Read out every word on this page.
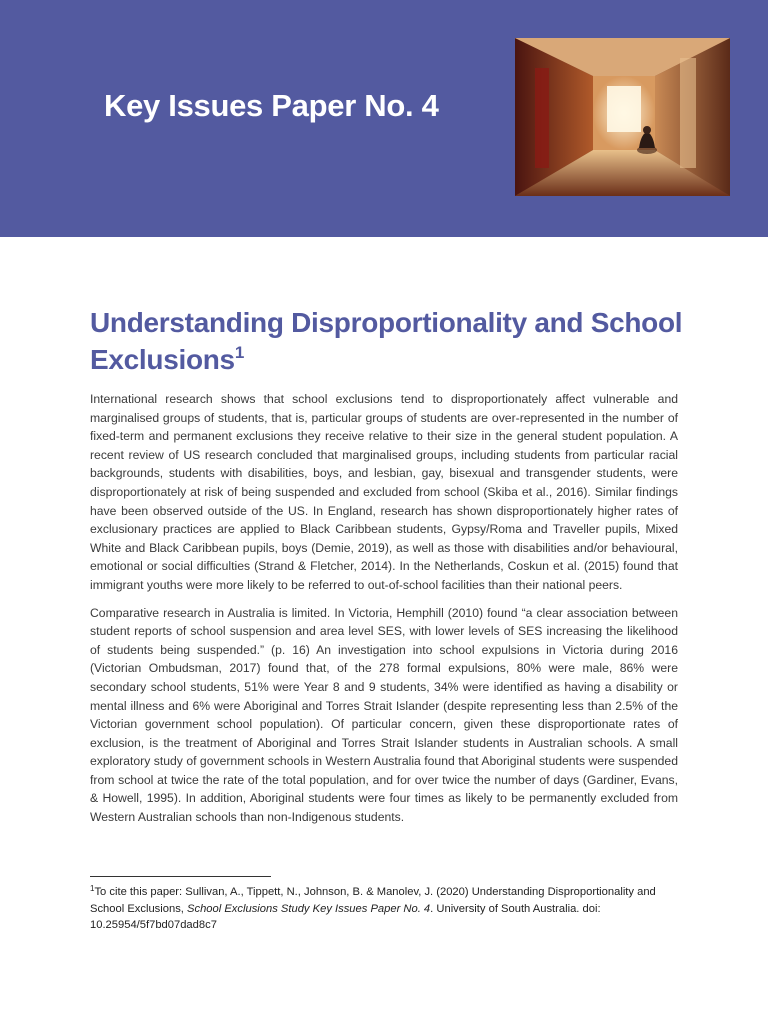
Key Issues Paper No. 4
Understanding Disproportionality and School Exclusions$^1$

International research shows that school exclusions tend to disproportionately affect vulnerable and marginalised groups of students, that is, particular groups of students are over-represented in the number of fixed-term and permanent exclusions they receive relative to their size in the general student population. A recent review of US research concluded that marginalised groups, including students from particular racial backgrounds, students with disabilities, boys, and lesbian, gay, bisexual and transgender students, were disproportionately at risk of being suspended and excluded from school (Skiba et al., 2016). Similar findings have been observed outside of the US. In England, research has shown disproportionately higher rates of exclusionary practices are applied to Black Caribbean students, Gypsy/Roma and Traveller pupils, Mixed White and Black Caribbean pupils, boys (Demie, 2019), as well as those with disabilities and/or behavioural, emotional or social difficulties (Strand & Fletcher, 2014). In the Netherlands, Coskun et al. (2015) found that immigrant youths were more likely to be referred to out-of-school facilities than their national peers.

Comparative research in Australia is limited. In Victoria, Hemphill (2010) found “a clear association between student reports of school suspension and area level SES, with lower levels of SES increasing the likelihood of students being suspended.” (p. 16) An investigation into school expulsions in Victoria during 2016 (Victorian Ombudsman, 2017) found that, of the 278 formal expulsions, 80% were male, 86% were secondary school students, 51% were Year 8 and 9 students, 34% were identified as having a disability or mental illness and 6% were Aboriginal and Torres Strait Islander (despite representing less than 2.5% of the Victorian government school population). Of particular concern, given these disproportionate rates of exclusion, is the treatment of Aboriginal and Torres Strait Islander students in Australian schools. A small exploratory study of government schools in Western Australia found that Aboriginal students were suspended from school at twice the rate of the total population, and for over twice the number of days (Gardiner, Evans, & Howell, 1995). In addition, Aboriginal students were four times as likely to be permanently excluded from Western Australian schools than non-Indigenous students.

$^1$To cite this paper: Sullivan, A., Tippett, N., Johnson, B. & Manolev, J. (2020) Understanding Disproportionality and School Exclusions, School Exclusions Study Key Issues Paper No. 4. University of South Australia. doi: 10.25954/5f7bd07dad8c7
